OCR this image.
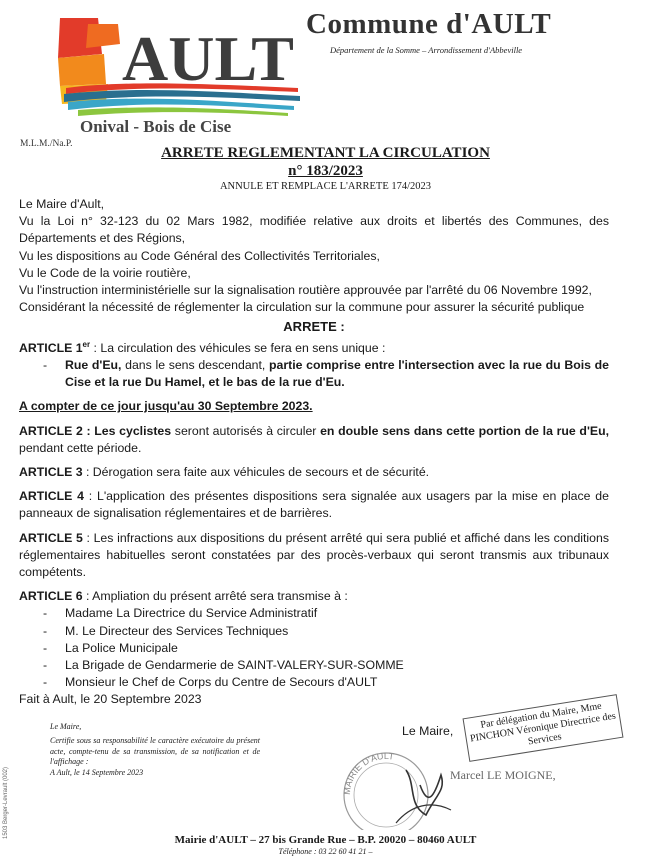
AULT
Onival - Bois de Cise
Commune d'AULT
Département de la Somme – Arrondissement d'Abbeville
M.L.M./Na.P.
ARRETE REGLEMENTANT LA CIRCULATION
n° 183/2023
ANNULE ET REMPLACE L'ARRETE 174/2023

Le Maire d'Ault,

Vu la Loi n° 32-123 du 02 Mars 1982, modifiée relative aux droits et libertés des Communes, des Départements et des Régions,

Vu les dispositions au Code Général des Collectivités Territoriales,

Vu le Code de la voirie routière,

Vu l'instruction interministérielle sur la signalisation routière approuvée par l'arrêté du 06 Novembre 1992,

Considérant la nécessité de réglementer la circulation sur la commune pour assurer la sécurité publique

ARRETE :

ARTICLE 1er : La circulation des véhicules se fera en sens unique :

- Rue d'Eu, dans le sens descendant, partie comprise entre l'intersection avec la rue du Bois de Cise et la rue Du Hamel, et le bas de la rue d'Eu.

A compter de ce jour jusqu'au 30 Septembre 2023.

ARTICLE 2 : Les cyclistes seront autorisés à circuler en double sens dans cette portion de la rue d'Eu, pendant cette période.

ARTICLE 3 : Dérogation sera faite aux véhicules de secours et de sécurité.

ARTICLE 4 : L'application des présentes dispositions sera signalée aux usagers par la mise en place de panneaux de signalisation réglementaires et de barrières.

ARTICLE 5 : Les infractions aux dispositions du présent arrêté qui sera publié et affiché dans les conditions réglementaires habituelles seront constatées par des procès-verbaux qui seront transmis aux tribunaux compétents.

ARTICLE 6 : Ampliation du présent arrêté sera transmise à :

- Madame La Directrice du Service Administratif

- M. Le Directeur des Services Techniques

- La Police Municipale

- La Brigade de Gendarmerie de SAINT-VALERY-SUR-SOMME

- Monsieur le Chef de Corps du Centre de Secours d'AULT

Fait à Ault, le 20 Septembre 2023

Le Maire,
Certifie sous sa responsabilité le caractère exécutoire du présent acte, compte-tenu de sa transmission, de sa notification et de l'affichage :
A Ault, le 14 Septembre 2023
Le Maire,
Par délégation du Maire, Mme PINCHON Véronique Directrice des Services
MAIRIE D'AULT
Marcel LE MOIGNE,
1503 Berger-Levrault (002)
Mairie d'AULT – 27 bis Grande Rue – B.P. 20020 – 80460 AULT
Téléphone : 03 22 60 41 21 –
